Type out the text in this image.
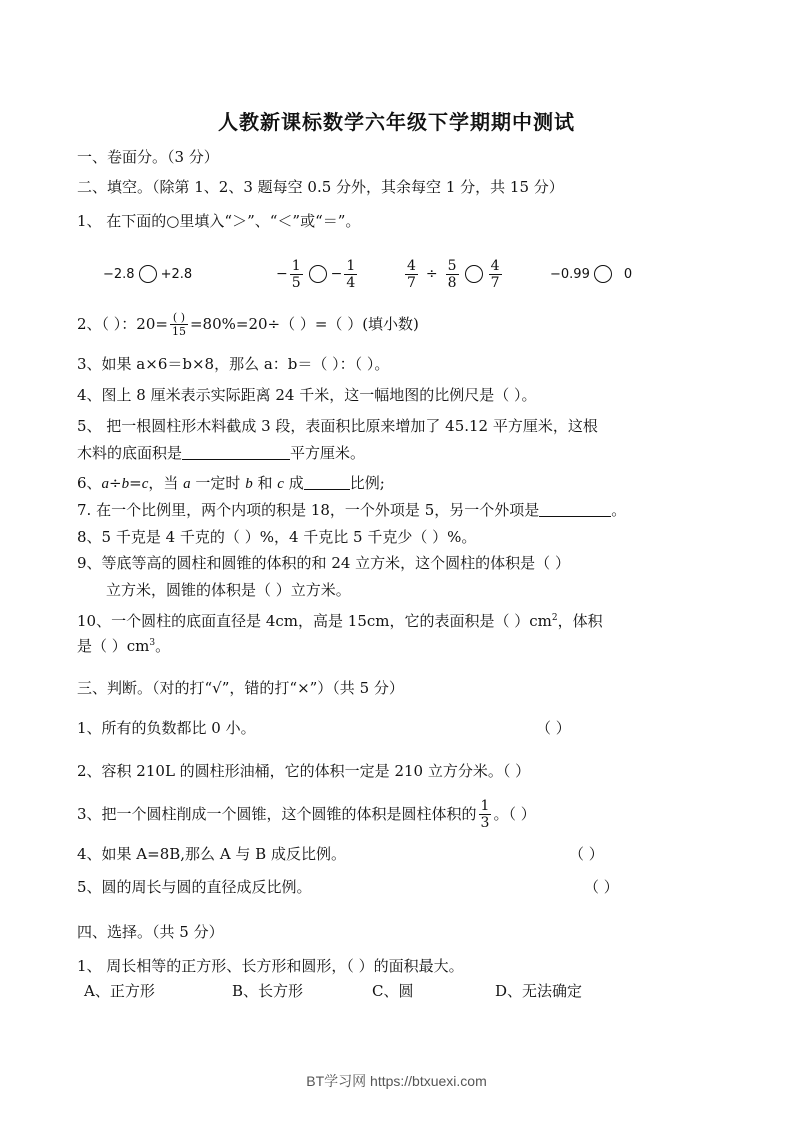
人教新课标数学六年级下学期期中测试
一、卷面分。（3 分）
二、填空。（除第 1、2、3 题每空 0.5 分外，其余每空 1 分，共 15 分）
1、 在下面的○里填入“＞”、“＜”或“＝”。
−2.8 +2.8	− $\frac{1}{5} - \frac{1}{4}$	$\frac{4}{7} \div \frac{5}{8} \frac{4}{7}$	−0.99	0
2、（ ）：$20= \frac{( )}{15} =80\%=20\div$（ ）=（ ）(填小数)
3、如果 a×6＝b×8，那么 a：b＝（ ）：（ ）。
4、图上 8 厘米表示实际距离 24 千米，这一幅地图的比例尺是（ ）。
5、 把一根圆柱形木料截成 3 段，表面积比原来增加了 45.12 平方厘米，这根
木料的底面积是	平方厘米。
6、a÷b=c，当 a 一定时 b 和 c 成	比例;
7. 在一个比例里，两个内项的积是 18，一个外项是 5，另一个外项是	。
8、5 千克是 4 千克的（ ）%，4 千克比 5 千克少（ ）%。
9、等底等高的圆柱和圆锥的体积的和 24 立方米，这个圆柱的体积是（ ）
立方米，圆锥的体积是（ ）立方米。
10、一个圆柱的底面直径是 4cm，高是 15cm，它的表面积是（ ）$cm^2$，体积
是（ ）$cm^3$。
三、判断。（对的打“√”，错的打“×”）（共 5 分）
1、所有的负数都比 0 小。	（ ）
2、容积 210L 的圆柱形油桶，它的体积一定是 210 立方分米。（ ）
3、把一个圆柱削成一个圆锥，这个圆锥的体积是圆柱体积的 $\frac{1}{3}$ 。（ ）
4、如果 A=8B,那么 A 与 B 成反比例。	（ ）
5、圆的周长与圆的直径成反比例。	（ ）
四、选择。（共 5 分）
1、 周长相等的正方形、长方形和圆形，（ ）的面积最大。
A、正方形	B、长方形	C、圆	D、无法确定
BT学习网 https://btxuexi.com
